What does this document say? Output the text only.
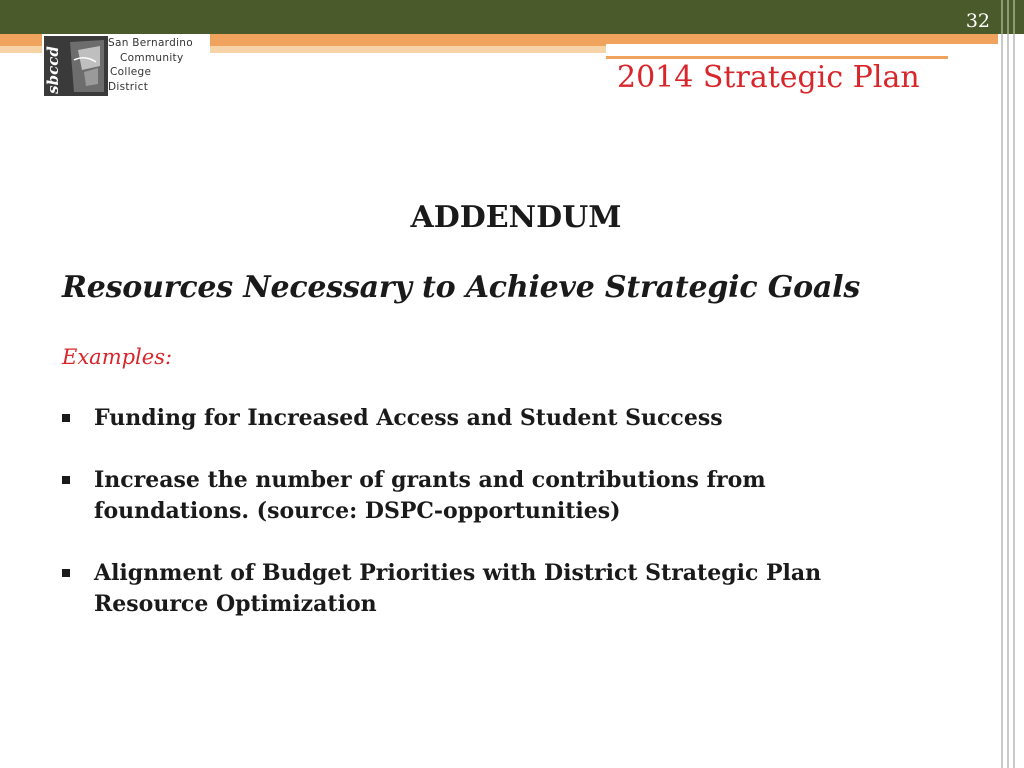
32
sbccd
San Bernardino
Community
College
District	2014 Strategic Plan
ADDENDUM
Resources Necessary to Achieve Strategic Goals
Examples:
Funding for Increased Access and Student Success
Increase the number of grants and contributions from foundations. (source: DSPC-opportunities)
Alignment of Budget Priorities with District Strategic Plan
Resource Optimization
